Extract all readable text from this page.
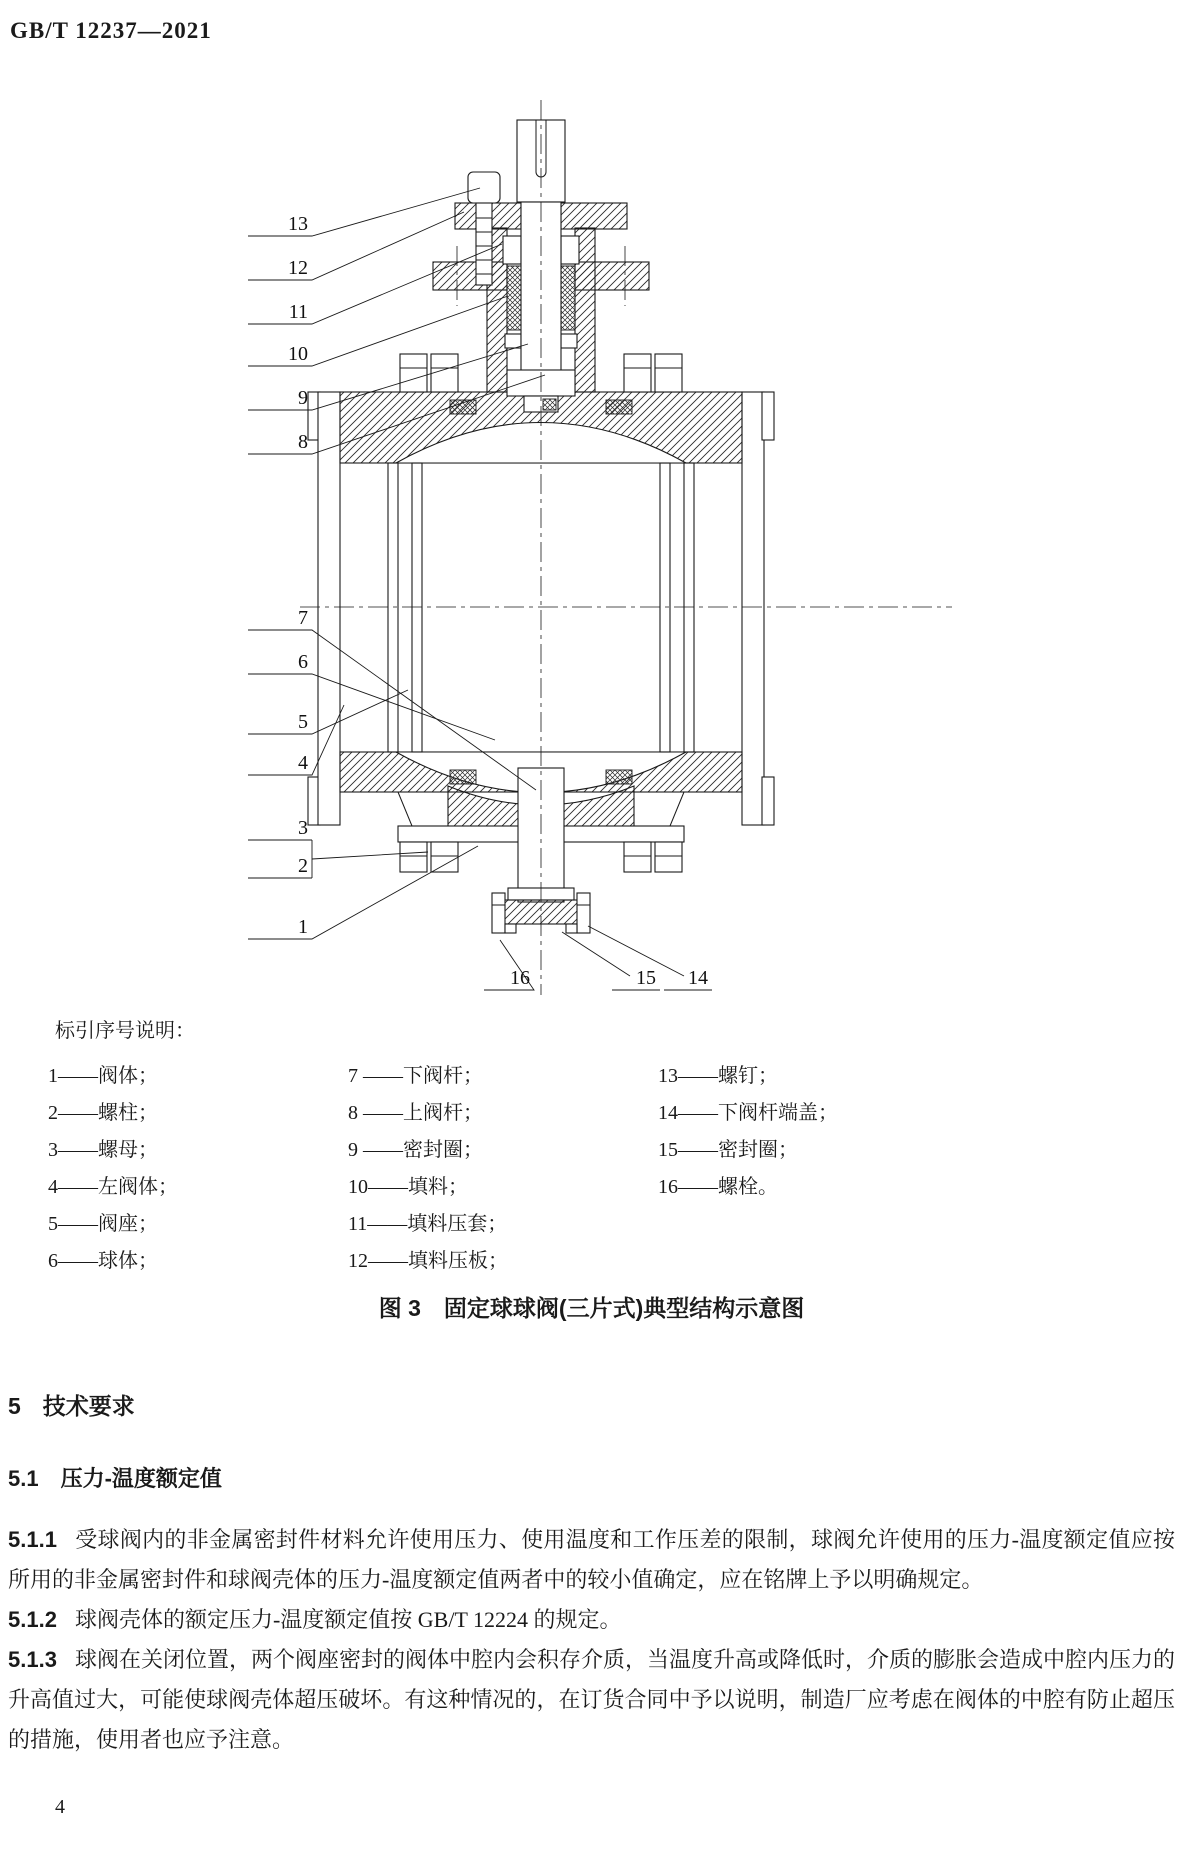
GB/T 12237—2021
13
12
11
10
9
8
7
6
5
4
3
2
1
16	15 14
标引序号说明：
1——阀体；
2——螺柱；
3——螺母；
4——左阀体；
5——阀座；
6——球体；
7 ——下阀杆；
8 ——上阀杆；
9 ——密封圈；
10——填料；
11——填料压套；
12——填料压板；
13——螺钉；
14——下阀杆端盖；
15——密封圈；
16——螺栓。
图 3　固定球球阀(三片式)典型结构示意图
5 技术要求
5.1 压力-温度额定值

5.1.1 受球阀内的非金属密封件材料允许使用压力、使用温度和工作压差的限制，球阀允许使用的压力-温度额定值应按所用的非金属密封件和球阀壳体的压力-温度额定值两者中的较小值确定，应在铭牌上予以明确规定。

5.1.2 球阀壳体的额定压力-温度额定值按 GB/T 12224 的规定。

5.1.3 球阀在关闭位置，两个阀座密封的阀体中腔内会积存介质，当温度升高或降低时，介质的膨胀会造成中腔内压力的升高值过大，可能使球阀壳体超压破坏。有这种情况的，在订货合同中予以说明，制造厂应考虑在阀体的中腔有防止超压的措施，使用者也应予注意。

4
